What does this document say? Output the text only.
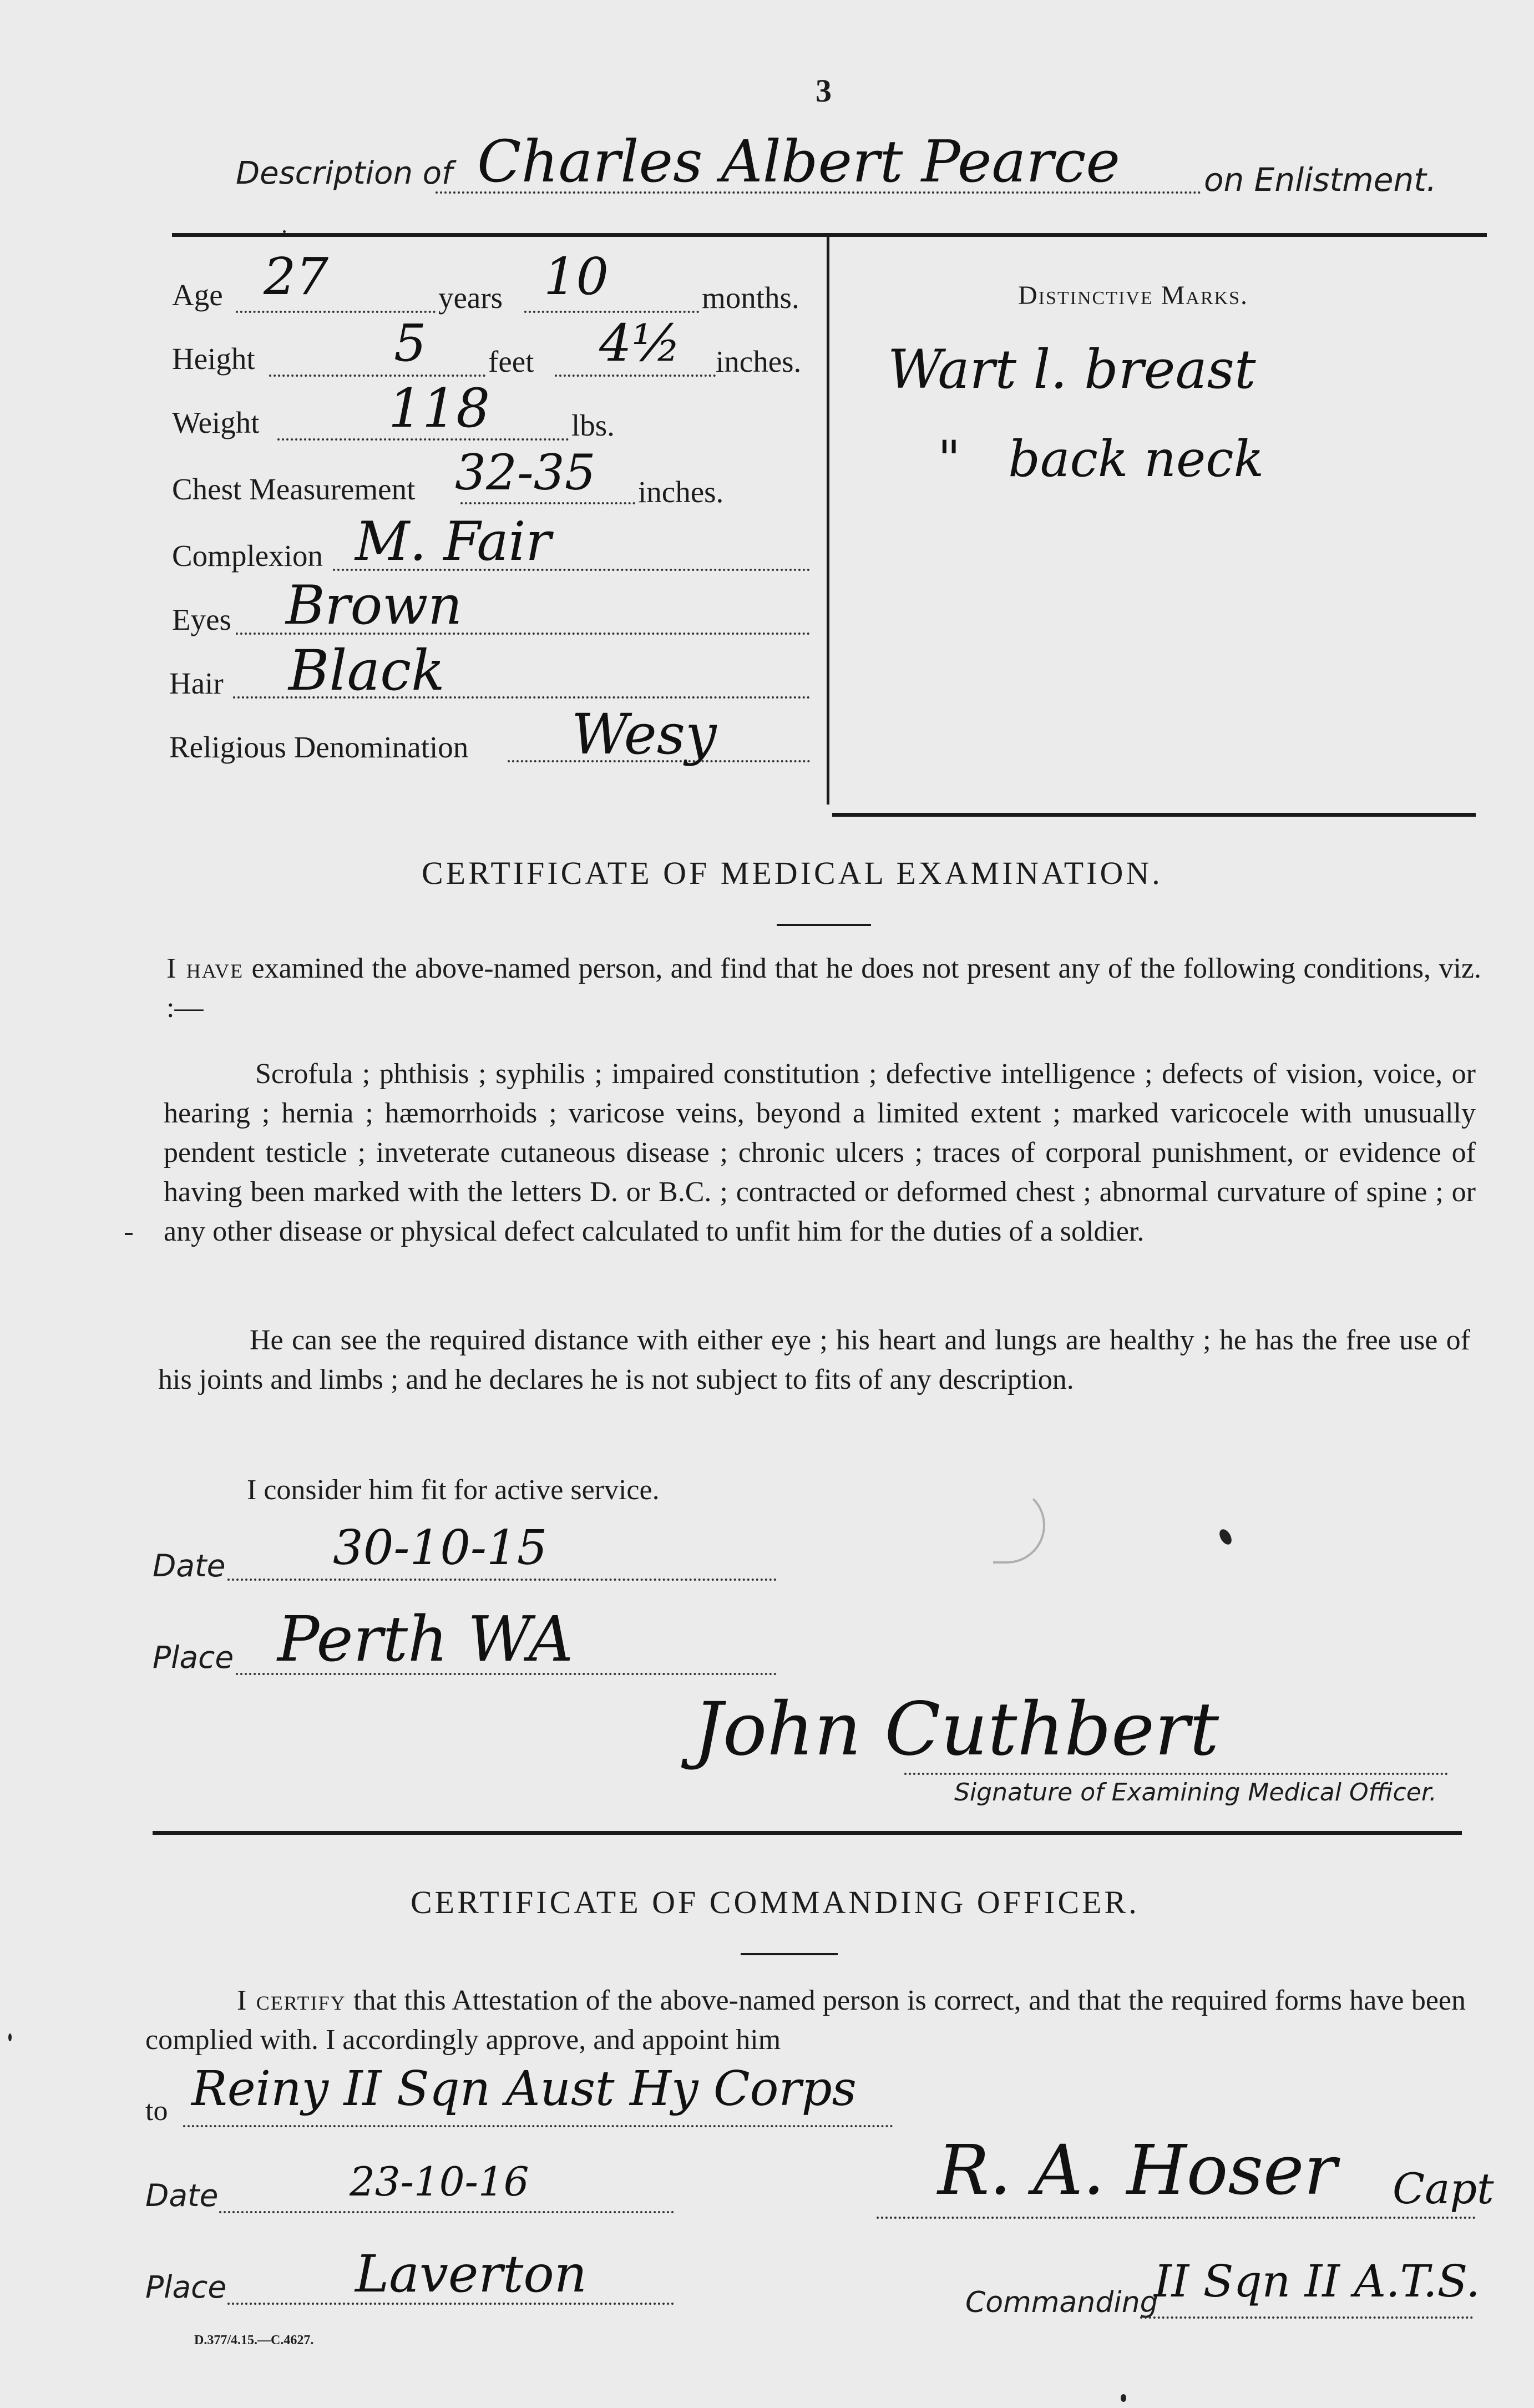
3
Description of Charles Albert Pearce	on Enlistment.
Age 27	years 10	months.
Height	5 feet 4½ inches.
Weight 118	lbs.
Chest Measurement 32-35 inches.
Complexion M. Fair
Eyes Brown
Hair Black
Religious Denomination Wesy
Distinctive Marks.
Wart l. breast
"   back neck
CERTIFICATE OF MEDICAL EXAMINATION.
I have examined the above-named person, and find that he does not present any of the following conditions, viz. :—
Scrofula ; phthisis ; syphilis ; impaired constitution ; defective intelligence ; defects of vision, voice, or hearing ; hernia ; hæmorrhoids ; varicose veins, beyond a limited extent ; marked varicocele with unusually pendent testicle ; inveterate cutaneous disease ; chronic ulcers ; traces of corporal punishment, or evidence of having been marked with the letters D. or B.C. ; contracted or deformed chest ; abnormal curvature of spine ; or any other disease or physical defect calculated to unfit him for the duties of a soldier.
He can see the required distance with either eye ; his heart and lungs are healthy ; he has the free use of his joints and limbs ; and he declares he is not subject to fits of any description.
I consider him fit for active service.
Date 30-10-15
Place Perth WA
John Cuthbert
Signature of Examining Medical Officer.
CERTIFICATE OF COMMANDING OFFICER.
I certify that this Attestation of the above-named person is correct, and that the required forms have been complied with. I accordingly approve, and appoint him
to Reiny II Sqn Aust Hy Corps
Date	23-10-16
Place	Laverton
R. A. Hoser Capt
Commanding
II Sqn II A.T.S.
D.377/4.15.—C.4627.
